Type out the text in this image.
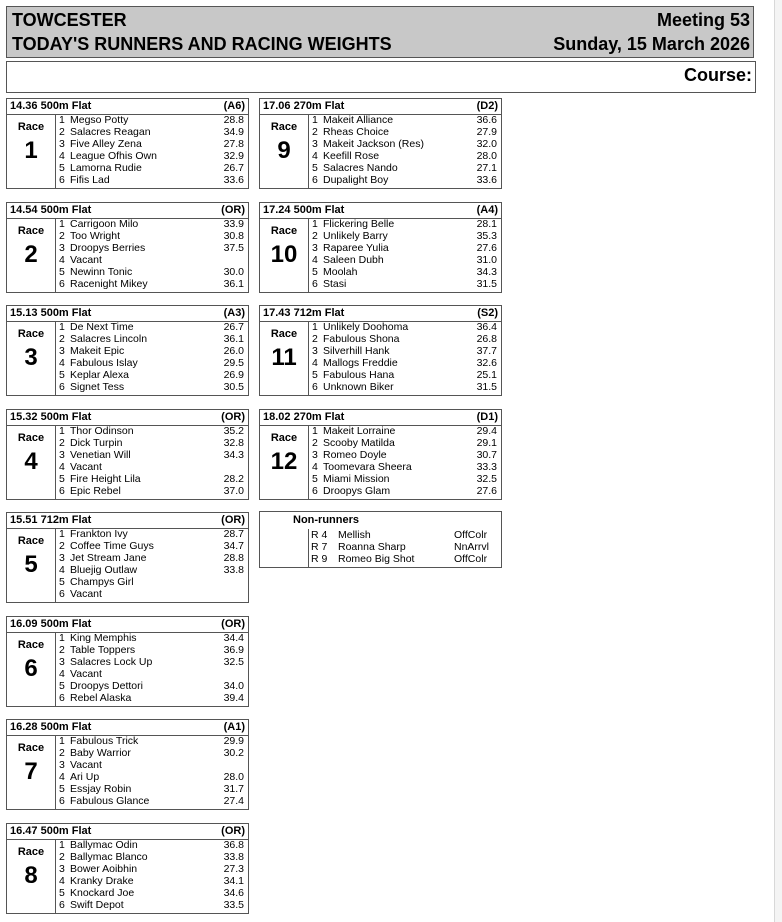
TOWCESTER
TODAY'S RUNNERS AND RACING WEIGHTS
Meeting 53
Sunday, 15 March 2026
Course:
14.36 500m Flat	(A6)
Race
1
1 Megso Potty	28.8
2 Salacres Reagan	34.9
3 Five Alley Zena	27.8
4 League Ofhis Own	32.9
5 Lamorna Rudie	26.7
6 Fifis Lad	33.6
14.54 500m Flat	(OR)
Race
2
1 Carrigoon Milo	33.9
2 Too Wright	30.8
3 Droopys Berries	37.5
4 Vacant
5 Newinn Tonic	30.0
6 Racenight Mikey	36.1
15.13 500m Flat	(A3)
Race
3
1 De Next Time	26.7
2 Salacres Lincoln	36.1
3 Makeit Epic	26.0
4 Fabulous Islay	29.5
5 Keplar Alexa	26.9
6 Signet Tess	30.5
15.32 500m Flat	(OR)
Race
4
1 Thor Odinson	35.2
2 Dick Turpin	32.8
3 Venetian Will	34.3
4 Vacant
5 Fire Height Lila	28.2
6 Epic Rebel	37.0
15.51 712m Flat	(OR)
Race
5
1 Frankton Ivy	28.7
2 Coffee Time Guys	34.7
3 Jet Stream Jane	28.8
4 Bluejig Outlaw	33.8
5 Champys Girl
6 Vacant
16.09 500m Flat	(OR)
Race
6
1 King Memphis	34.4
2 Table Toppers	36.9
3 Salacres Lock Up	32.5
4 Vacant
5 Droopys Dettori	34.0
6 Rebel Alaska	39.4
16.28 500m Flat	(A1)
Race
7
1 Fabulous Trick	29.9
2 Baby Warrior	30.2
3 Vacant
4 Ari Up	28.0
5 Essjay Robin	31.7
6 Fabulous Glance	27.4
16.47 500m Flat	(OR)
Race
8
1 Ballymac Odin	36.8
2 Ballymac Blanco	33.8
3 Bower Aoibhin	27.3
4 Kranky Drake	34.1
5 Knockard Joe	34.6
6 Swift Depot	33.5
17.06 270m Flat	(D2)
Race
9
1 Makeit Alliance	36.6
2 Rheas Choice	27.9
3 Makeit Jackson (Res)	32.0
4 Keefill Rose	28.0
5 Salacres Nando	27.1
6 Dupalight Boy	33.6
17.24 500m Flat	(A4)
Race
10
1 Flickering Belle	28.1
2 Unlikely Barry	35.3
3 Raparee Yulia	27.6
4 Saleen Dubh	31.0
5 Moolah	34.3
6 Stasi	31.5
17.43 712m Flat	(S2)
Race
11
1 Unlikely Doohoma	36.4
2 Fabulous Shona	26.8
3 Silverhill Hank	37.7
4 Mallogs Freddie	32.6
5 Fabulous Hana	25.1
6 Unknown Biker	31.5
18.02 270m Flat	(D1)
Race
12
1 Makeit Lorraine	29.4
2 Scooby Matilda	29.1
3 Romeo Doyle	30.7
4 Toomevara Sheera	33.3
5 Miami Mission	32.5
6 Droopys Glam	27.6
Non-runners
R 4 Mellish	OffColr
R 7 Roanna Sharp	NnArrvl
R 9 Romeo Big Shot	OffColr
